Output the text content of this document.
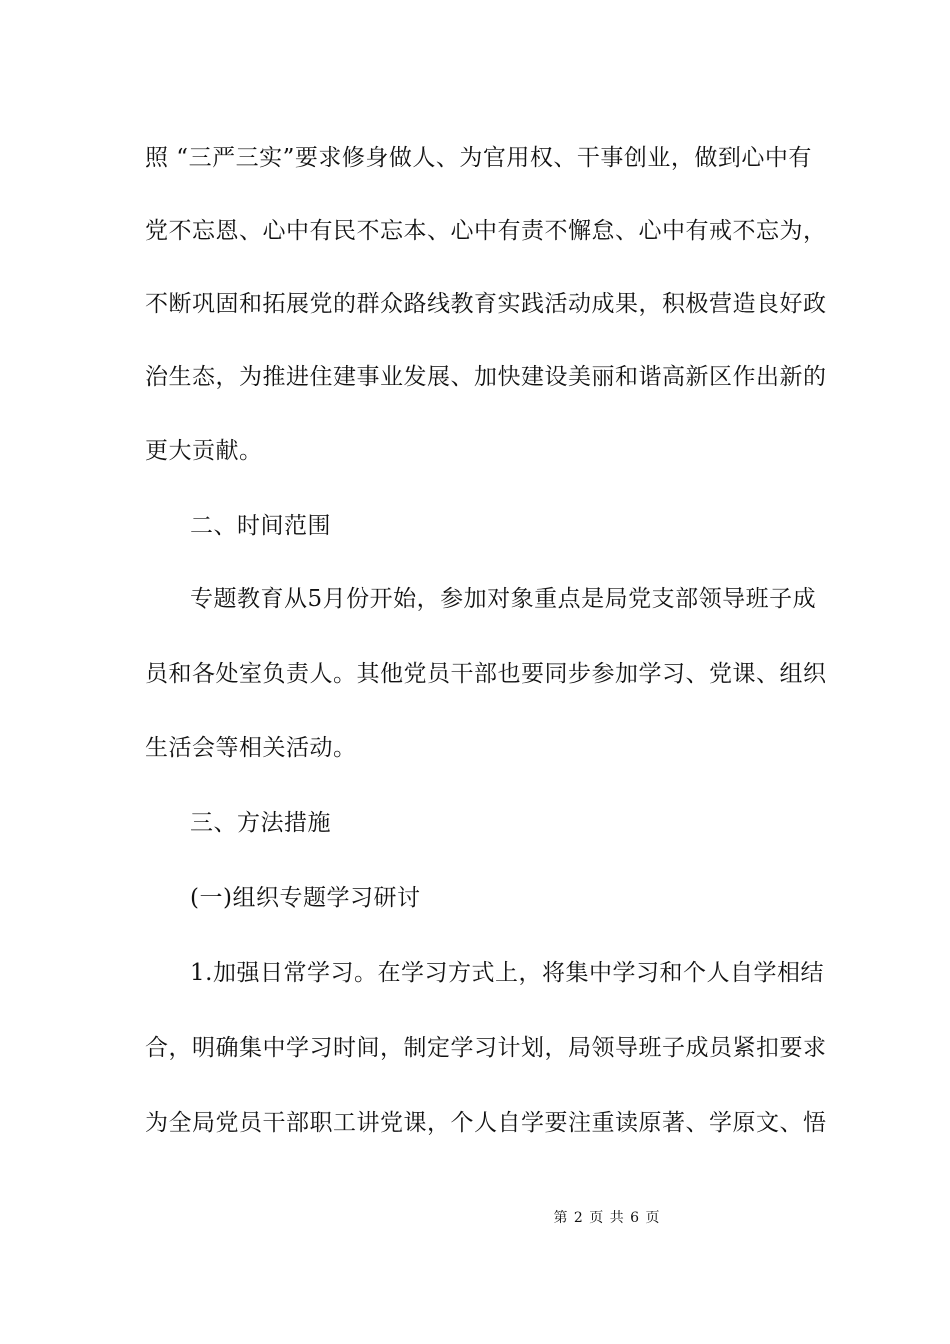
照 “三严三实”要求修身做人、为官用权、干事创业，做到心中有
党不忘恩、心中有民不忘本、心中有责不懈怠、心中有戒不忘为，
不断巩固和拓展党的群众路线教育实践活动成果，积极营造良好政
治生态，为推进住建事业发展、加快建设美丽和谐高新区作出新的
更大贡献。
二、时间范围
专题教育从5月份开始，参加对象重点是局党支部领导班子成
员和各处室负责人。其他党员干部也要同步参加学习、党课、组织
生活会等相关活动。
三、方法措施
(一)组织专题学习研讨
1.加强日常学习。在学习方式上，将集中学习和个人自学相结
合，明确集中学习时间，制定学习计划，局领导班子成员紧扣要求
为全局党员干部职工讲党课，个人自学要注重读原著、学原文、悟
第 2 页 共 6 页
